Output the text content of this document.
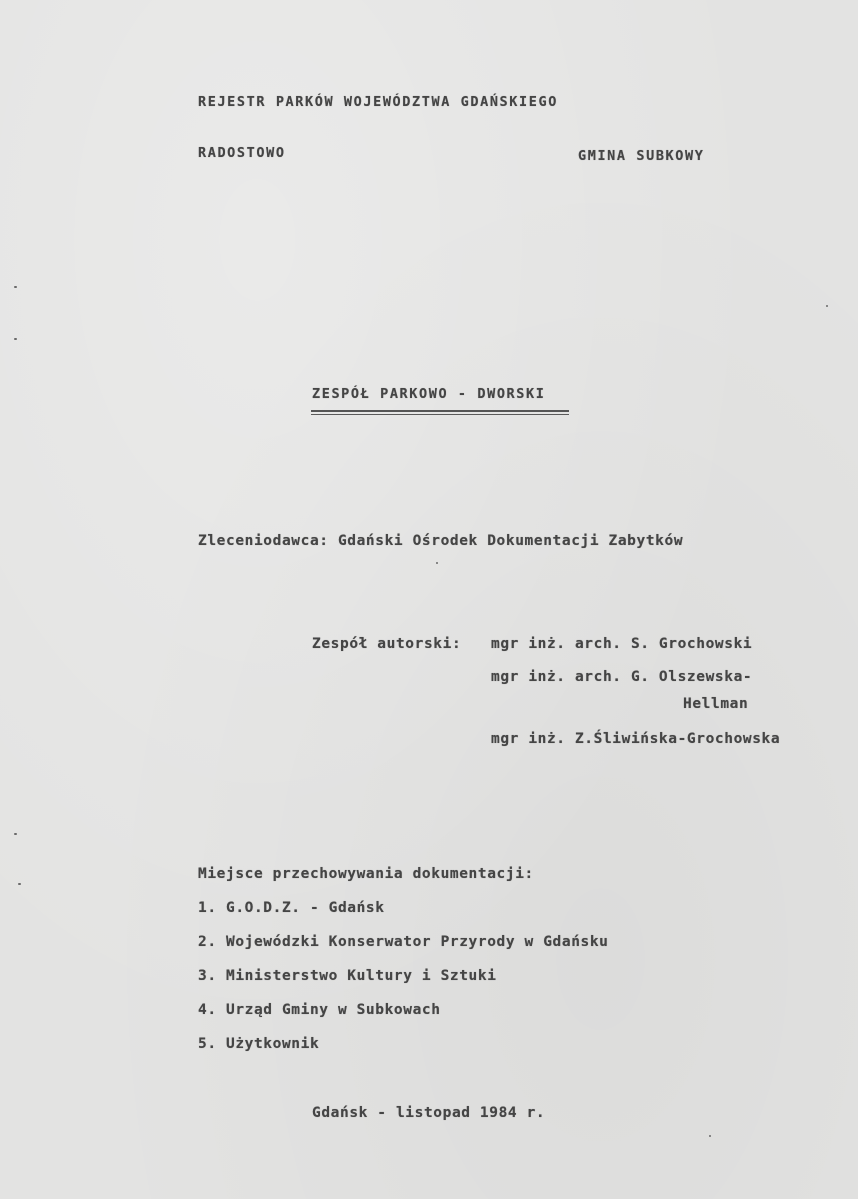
REJESTR PARKÓW WOJEWÓDZTWA GDAŃSKIEGO
RADOSTOWO	GMINA SUBKOWY
ZESPÓŁ PARKOWO - DWORSKI
Zleceniodawca: Gdański Ośrodek Dokumentacji Zabytków
Zespół autorski: mgr inż. arch. S. Grochowski
mgr inż. arch. G. Olszewska-
Hellman
mgr inż. Z.Śliwińska-Grochowska
Miejsce przechowywania dokumentacji:
1. G.O.D.Z. - Gdańsk
2. Wojewódzki Konserwator Przyrody w Gdańsku
3. Ministerstwo Kultury i Sztuki
4. Urząd Gminy w Subkowach
5. Użytkownik
Gdańsk - listopad 1984 r.
